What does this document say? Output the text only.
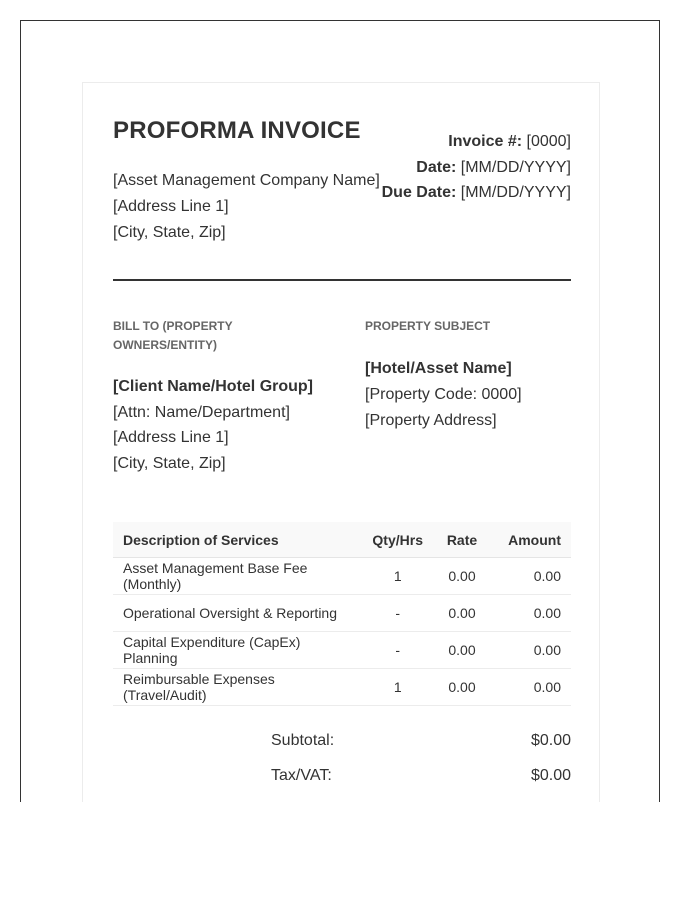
PROFORMA INVOICE
[Asset Management Company Name]
[Address Line 1]
[City, State, Zip]
Invoice #: [0000]
Date: [MM/DD/YYYY]
Due Date: [MM/DD/YYYY]
BILL TO (PROPERTY OWNERS/ENTITY)
[Client Name/Hotel Group]
[Attn: Name/Department]
[Address Line 1]
[City, State, Zip]
PROPERTY SUBJECT
[Hotel/Asset Name]
[Property Code: 0000]
[Property Address]
Description of Services	Qty/Hrs	Rate	Amount
Asset Management Base Fee (Monthly)	1	0.00	0.00
Operational Oversight & Reporting	-	0.00	0.00
Capital Expenditure (CapEx) Planning	-	0.00	0.00
Reimbursable Expenses (Travel/Audit)	1	0.00	0.00
Subtotal:	$0.00
Tax/VAT:	$0.00
